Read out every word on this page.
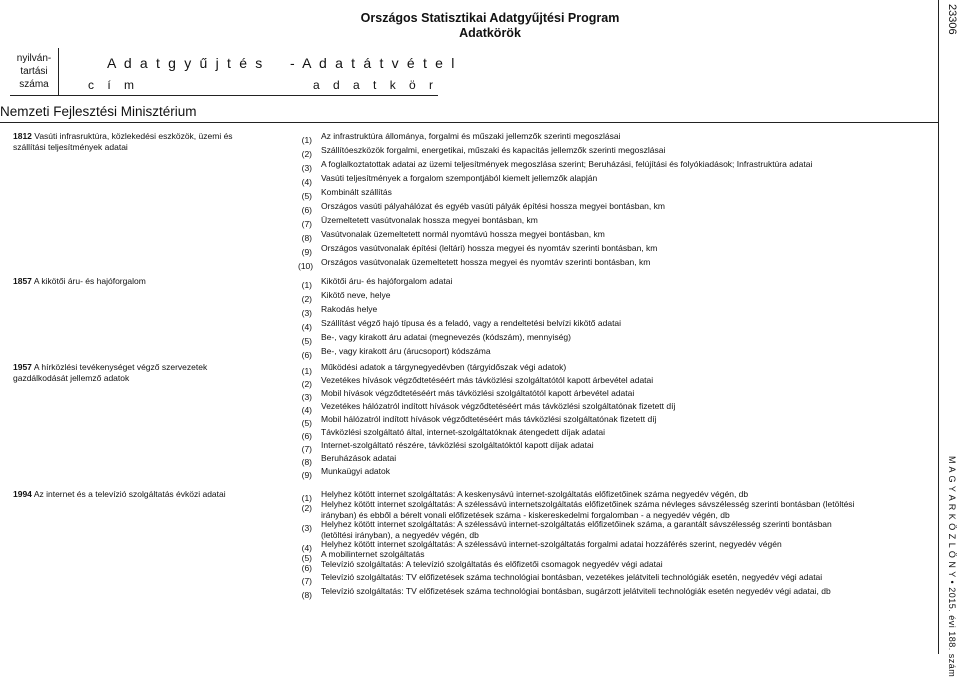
Országos Statisztikai Adatgyűjtési Program
Adatkörök	23306
M A G Y A R K Ö Z L Ö N Y • 2015. évi 188. szám
nyilván-
tartási
száma
A d a t g y ű j t é s - A d a t á t v é t e l
c í m	a d a t k ö r
Nemzeti Fejlesztési Minisztérium
1812 Vasúti infrasruktúra, közlekedési eszközök, üzemi és
szállítási teljesítmények adatai
(1) Az infrastruktúra állománya, forgalmi és műszaki jellemzők szerinti megoszlásai
(2) Szállítóeszközök forgalmi, energetikai, műszaki és kapacitás jellemzők szerinti megoszlásai
(3) A foglalkoztatottak adatai az üzemi teljesítmények megoszlása szerint; Beruházási, felújítási és folyókiadások; Infrastruktúra adatai
(4) Vasúti teljesítmények a forgalom szempontjából kiemelt jellemzők alapján
(5) Kombinált szállítás
(6) Országos vasúti pályahálózat és egyéb vasúti pályák építési hossza megyei bontásban, km
(7) Üzemeltetett vasútvonalak hossza megyei bontásban, km
(8) Vasútvonalak üzemeltetett normál nyomtávú hossza megyei bontásban, km
(9) Országos vasútvonalak építési (leltári) hossza megyei és nyomtáv szerinti bontásban, km
(10) Országos vasútvonalak üzemeltetett hossza megyei és nyomtáv szerinti bontásban, km
1857 A kikötői áru- és hajóforgalom	(1) Kikötői áru- és hajóforgalom adatai
(2) Kikötő neve, helye
(3) Rakodás helye
(4) Szállítást végző hajó típusa és a feladó, vagy a rendeltetési belvízi kikötő adatai
(5) Be-, vagy kirakott áru adatai (megnevezés (kódszám), mennyiség)
(6) Be-, vagy kirakott áru (árucsoport) kódszáma
1957 A hírközlési tevékenységet végző szervezetek
gazdálkodását jellemző adatok
(1) Működési adatok a tárgynegyedévben (tárgyidőszak végi adatok)
(2) Vezetékes hívások végződtetéséért más távközlési szolgáltatótól kapott árbevétel adatai
(3) Mobil hívások végződtetéséért más távközlési szolgáltatótól kapott árbevétel adatai
(4) Vezetékes hálózatról indított hívások végződtetéséért más távközlési szolgáltatónak fizetett díj
(5) Mobil hálózatról indított hívások végződtetéséért más távközlési szolgáltatónak fizetett díj
(6) Távközlési szolgáltató által, internet-szolgáltatóknak átengedett díjak adatai
(7) Internet-szolgáltató részére, távközlési szolgáltatóktól kapott díjak adatai
(8) Beruházások adatai
(9) Munkaügyi adatok
1994 Az internet és a televízió szolgáltatás évközi adatai	(1) Helyhez kötött internet szolgáltatás: A keskenysávú internet-szolgáltatás előfizetőinek száma negyedév végén, db
(2) Helyhez kötött internet szolgáltatás: A szélessávú internetszolgáltatás előfizetőinek száma névleges sávszélesség szerinti bontásban (letöltési
irányban) és ebből a bérelt vonali előfizetések száma - kiskereskedelmi forgalomban - a negyedév végén, db
(3) Helyhez kötött internet szolgáltatás: A szélessávú internet-szolgáltatás előfizetőinek száma, a garantált sávszélesség szerinti bontásban
(letöltési irányban), a negyedév végén, db
(4) Helyhez kötött internet szolgáltatás: A szélessávú internet-szolgáltatás forgalmi adatai hozzáférés szerint, negyedév végén
(5) A mobilinternet szolgáltatás
(6) Televízió szolgáltatás: A televízió szolgáltatás és előfizetői csomagok negyedév végi adatai
(7) Televízió szolgáltatás: TV előfizetések száma technológiai bontásban, vezetékes jelátviteli technológiák esetén, negyedév végi adatai
(8) Televízió szolgáltatás: TV előfizetések száma technológiai bontásban, sugárzott jelátviteli technológiák esetén negyedév végi adatai, db
